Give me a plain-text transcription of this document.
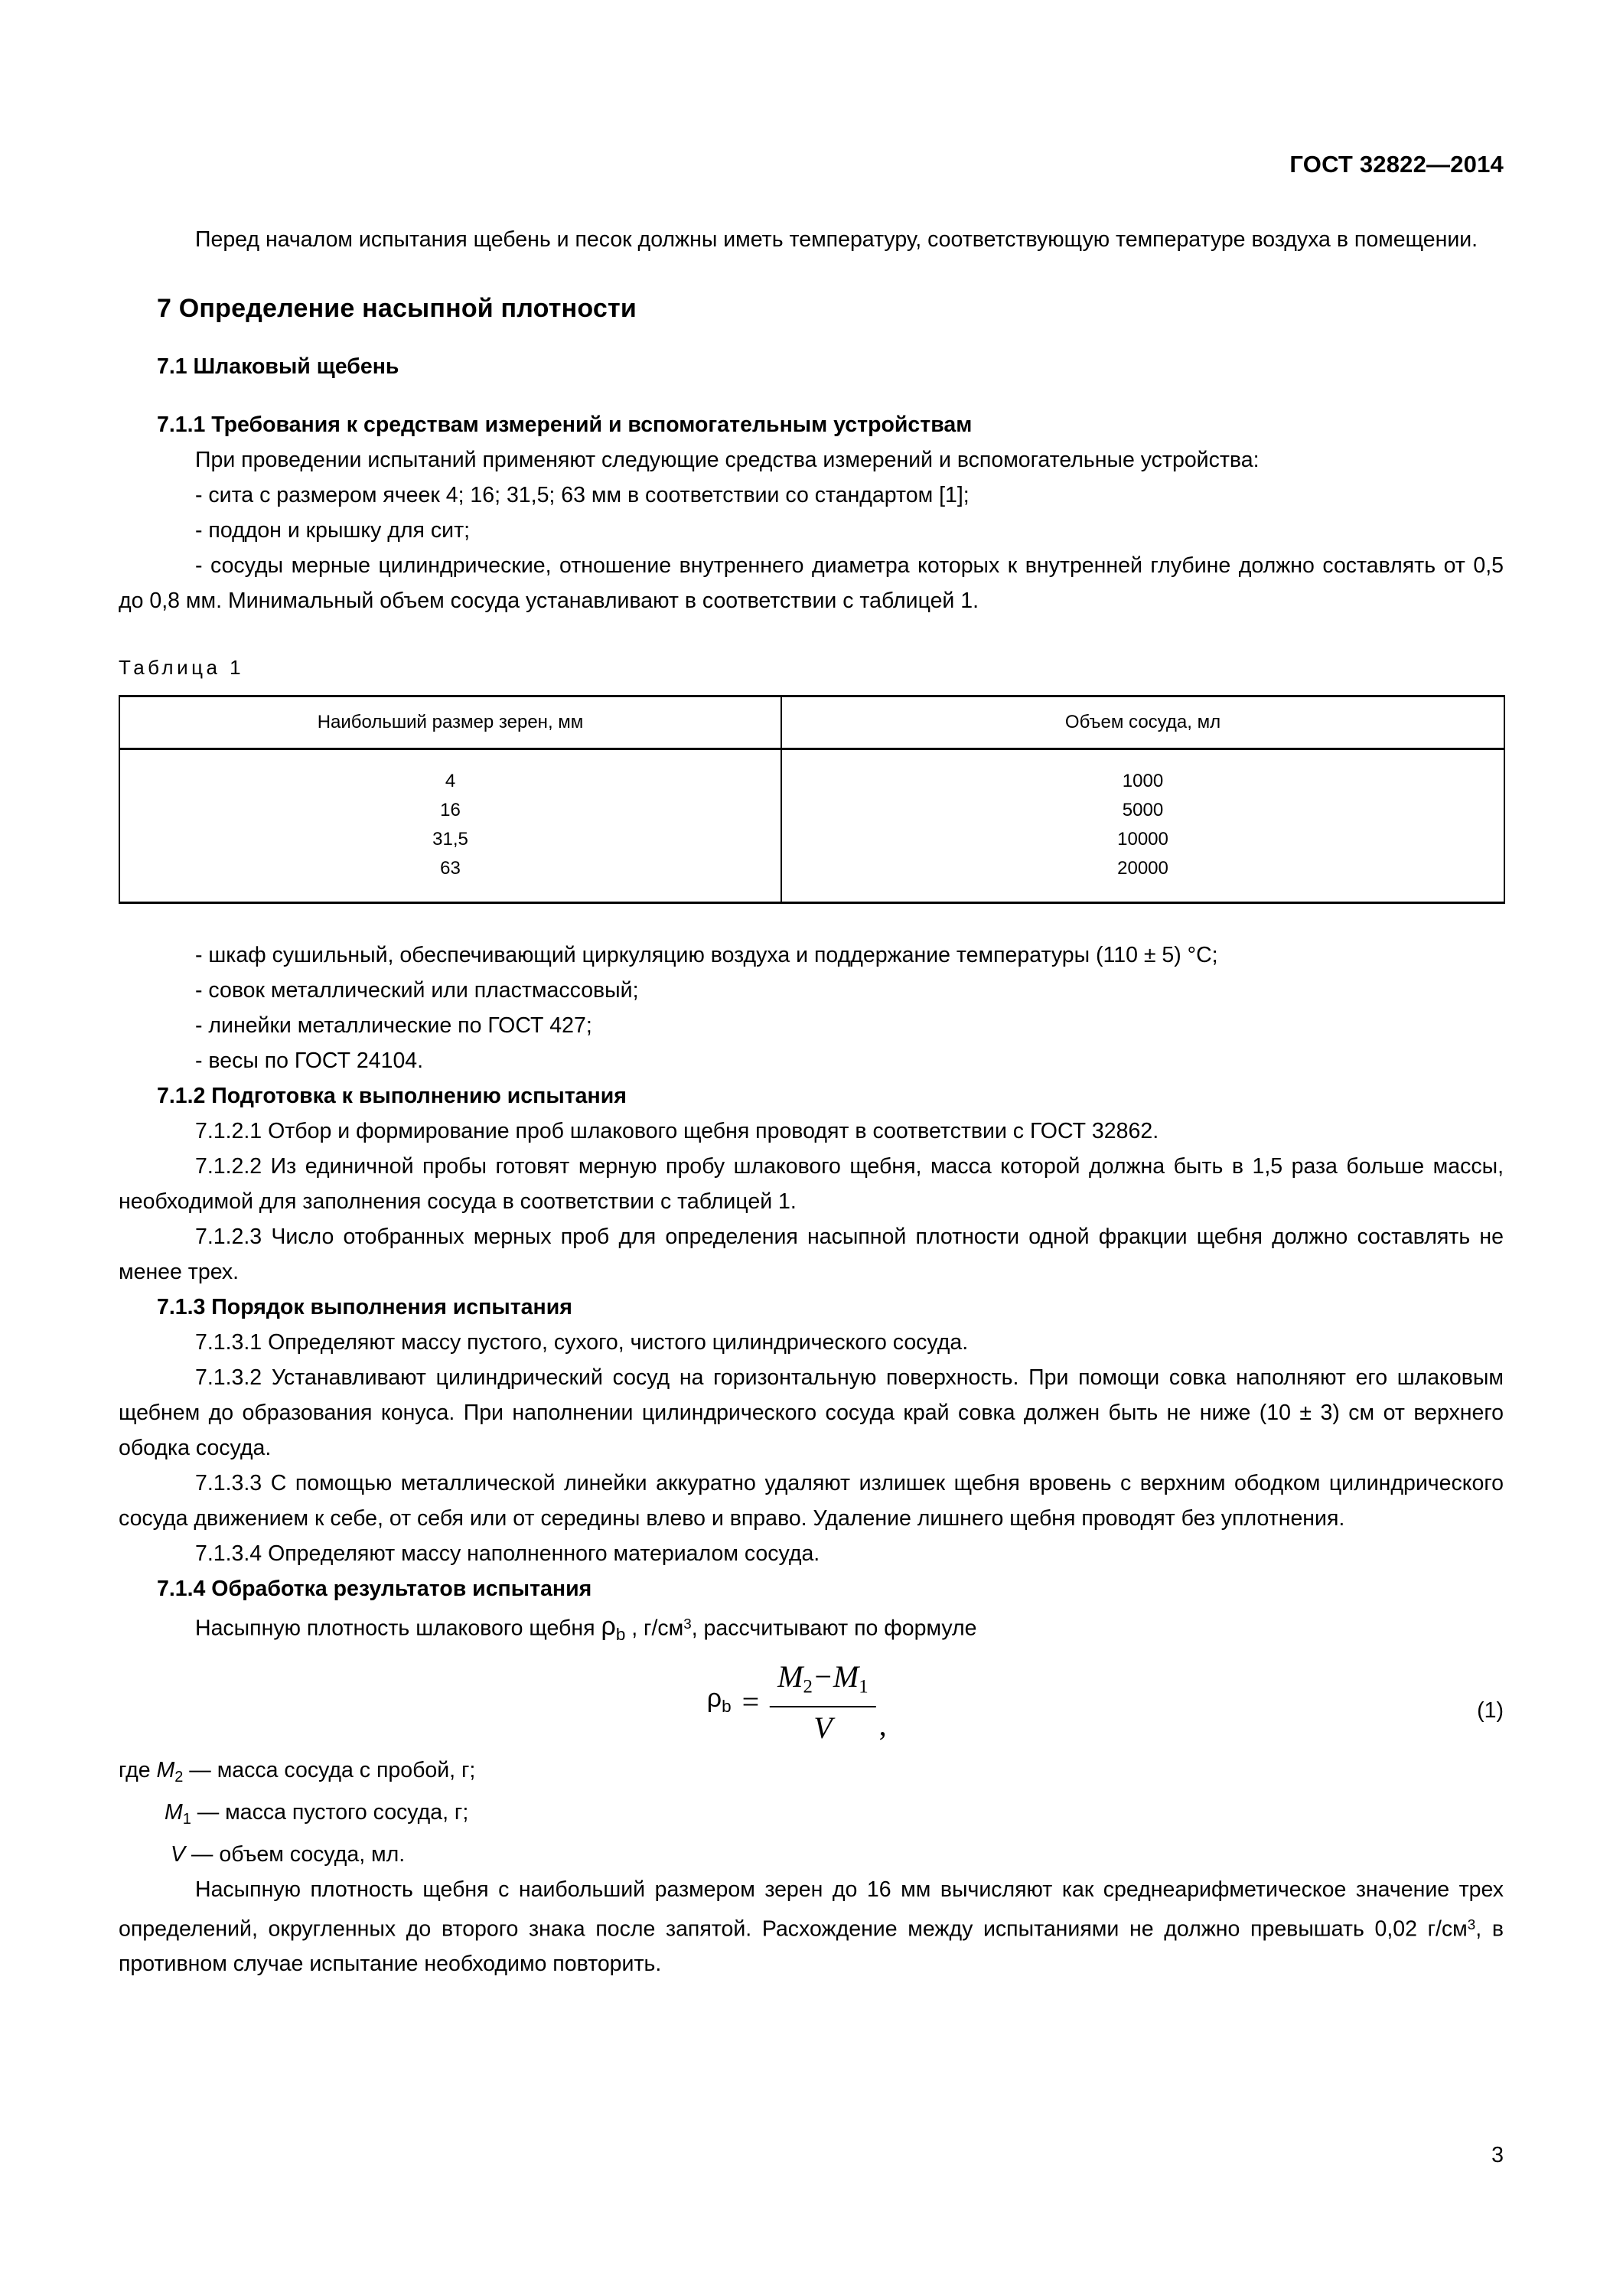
ГОСТ 32822—2014

Перед началом испытания щебень и песок должны иметь температуру, соответствующую температуре воздуха в помещении.

7 Определение насыпной плотности
7.1 Шлаковый щебень
7.1.1 Требования к средствам измерений и вспомогательным устройствам

При проведении испытаний применяют следующие средства измерений и вспомогательные устройства:

- сита с размером ячеек 4; 16; 31,5; 63 мм в соответствии со стандартом [1];

- поддон и крышку для сит;

- сосуды мерные цилиндрические, отношение внутреннего диаметра которых к внутренней глубине должно составлять от 0,5 до 0,8 мм. Минимальный объем сосуда устанавливают в соответствии с таблицей 1.

Таблица 1

Наибольший размер зерен, мм	Объем сосуда, мл
4	1000
16	5000
31,5	10000
63	20000

- шкаф сушильный, обеспечивающий циркуляцию воздуха и поддержание температуры (110 ± 5) °C;

- совок металлический или пластмассовый;

- линейки металлические по ГОСТ 427;

- весы по ГОСТ 24104.

7.1.2 Подготовка к выполнению испытания

7.1.2.1 Отбор и формирование проб шлакового щебня проводят в соответствии с ГОСТ 32862.

7.1.2.2 Из единичной пробы готовят мерную пробу шлакового щебня, масса которой должна быть в 1,5 раза больше массы, необходимой для заполнения сосуда в соответствии с таблицей 1.

7.1.2.3 Число отобранных мерных проб для определения насыпной плотности одной фракции щебня должно составлять не менее трех.

7.1.3 Порядок выполнения испытания

7.1.3.1 Определяют массу пустого, сухого, чистого цилиндрического сосуда.

7.1.3.2 Устанавливают цилиндрический сосуд на горизонтальную поверхность. При помощи совка наполняют его шлаковым щебнем до образования конуса. При наполнении цилиндрического сосуда край совка должен быть не ниже (10 ± 3) см от верхнего ободка сосуда.

7.1.3.3 С помощью металлической линейки аккуратно удаляют излишек щебня вровень с верхним ободком цилиндрического сосуда движением к себе, от себя или от середины влево и вправо. Удаление лишнего щебня проводят без уплотнения.

7.1.3.4 Определяют массу наполненного материалом сосуда.

7.1.4 Обработка результатов испытания

Насыпную плотность шлакового щебня $\rho_b$ , $г/см^3$, рассчитывают по формуле

$\rho_b = \frac{M_2-M_1}{V}$ ,	(1)
где $M_2$ — масса сосуда с пробой, г;
$M_1$ — масса пустого сосуда, г;
V — объем сосуда, мл.

Насыпную плотность щебня с наибольший размером зерен до 16 мм вычисляют как среднеарифметическое значение трех определений, округленных до второго знака после запятой. Расхождение между испытаниями не должно превышать 0,02 $г/см^3$, в противном случае испытание необходимо повторить.

3
